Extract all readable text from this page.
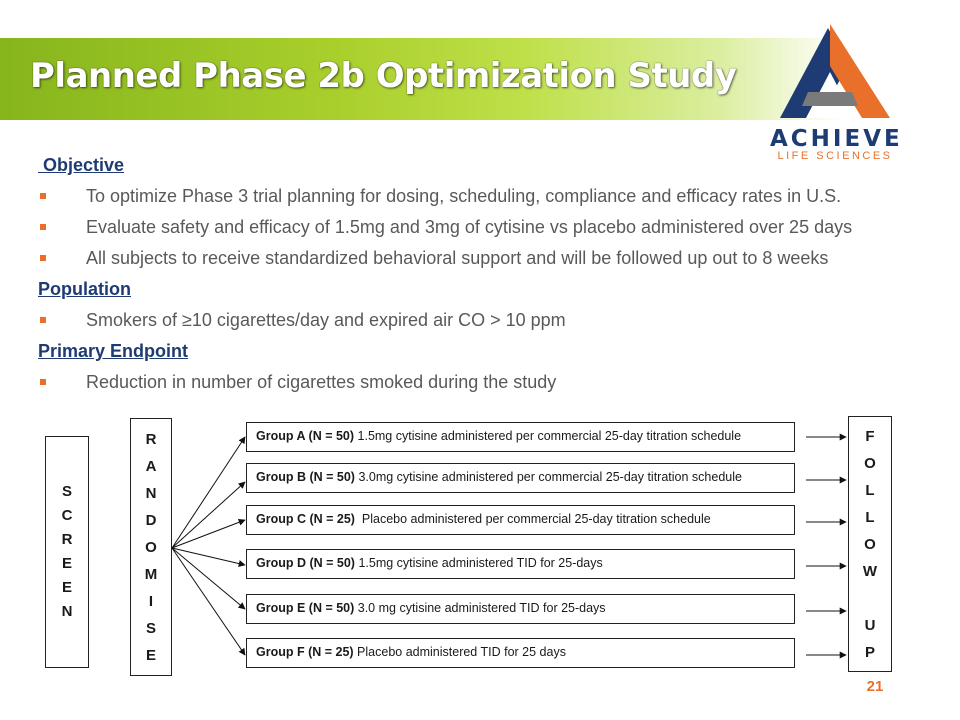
Planned Phase 2b Optimization Study
ACHIEVE
LIFE SCIENCES
Objective
To optimize Phase 3 trial planning for dosing, scheduling, compliance and efficacy rates in U.S.
Evaluate safety and efficacy of 1.5mg and 3mg of cytisine vs placebo administered over 25 days
All subjects to receive standardized behavioral support and will be followed up out to 8 weeks
Population
Smokers of ≥10 cigarettes/day and expired air CO > 10 ppm
Primary Endpoint
Reduction in number of cigarettes smoked during the study
S
C
R
E
E
N
R
A
N
D
O
M
I
S
E
Group A (N = 50) 1.5mg cytisine administered per commercial 25-day titration schedule
Group B (N = 50) 3.0mg cytisine administered per commercial 25-day titration schedule
Group C (N = 25)  Placebo administered per commercial 25-day titration schedule
Group D (N = 50) 1.5mg cytisine administered TID for 25-days
Group E (N = 50) 3.0 mg cytisine administered TID for 25-days
Group F (N = 25) Placebo administered TID for 25 days
F
O
L
L
O
W
U
P
21
